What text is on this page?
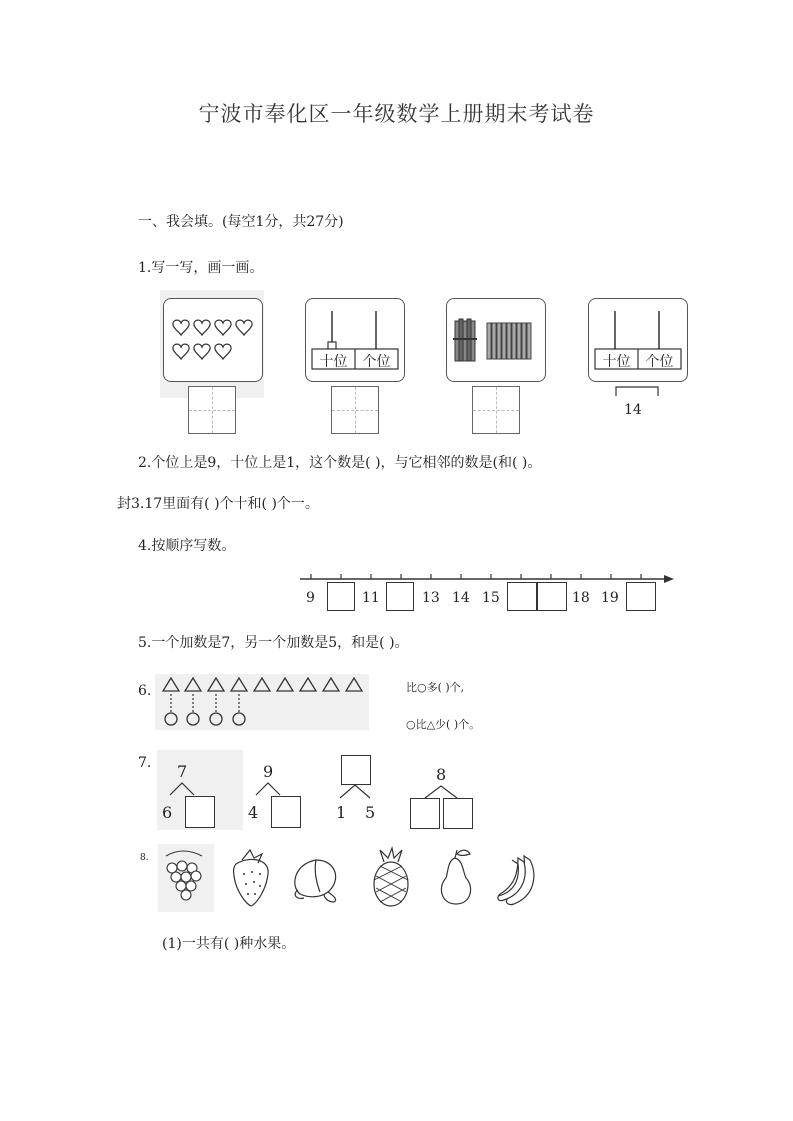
宁波市奉化区一年级数学上册期末考试卷
一、我会填。(每空1分，共27分)
1.写一写，画一画。
十位	个位	十位	个位
14
2.个位上是9，十位上是1，这个数是( )，与它相邻的数是(和( )。
封3.17里面有( )个十和( )个一。
4.按顺序写数。
9	11	13 14 15	18 19
5.一个加数是7，另一个加数是5，和是( )。
6.	比○多( )个,
○比△少( )个。
7. 7
6
9
4	1 5
8
8.
(1)一共有( )种水果。
